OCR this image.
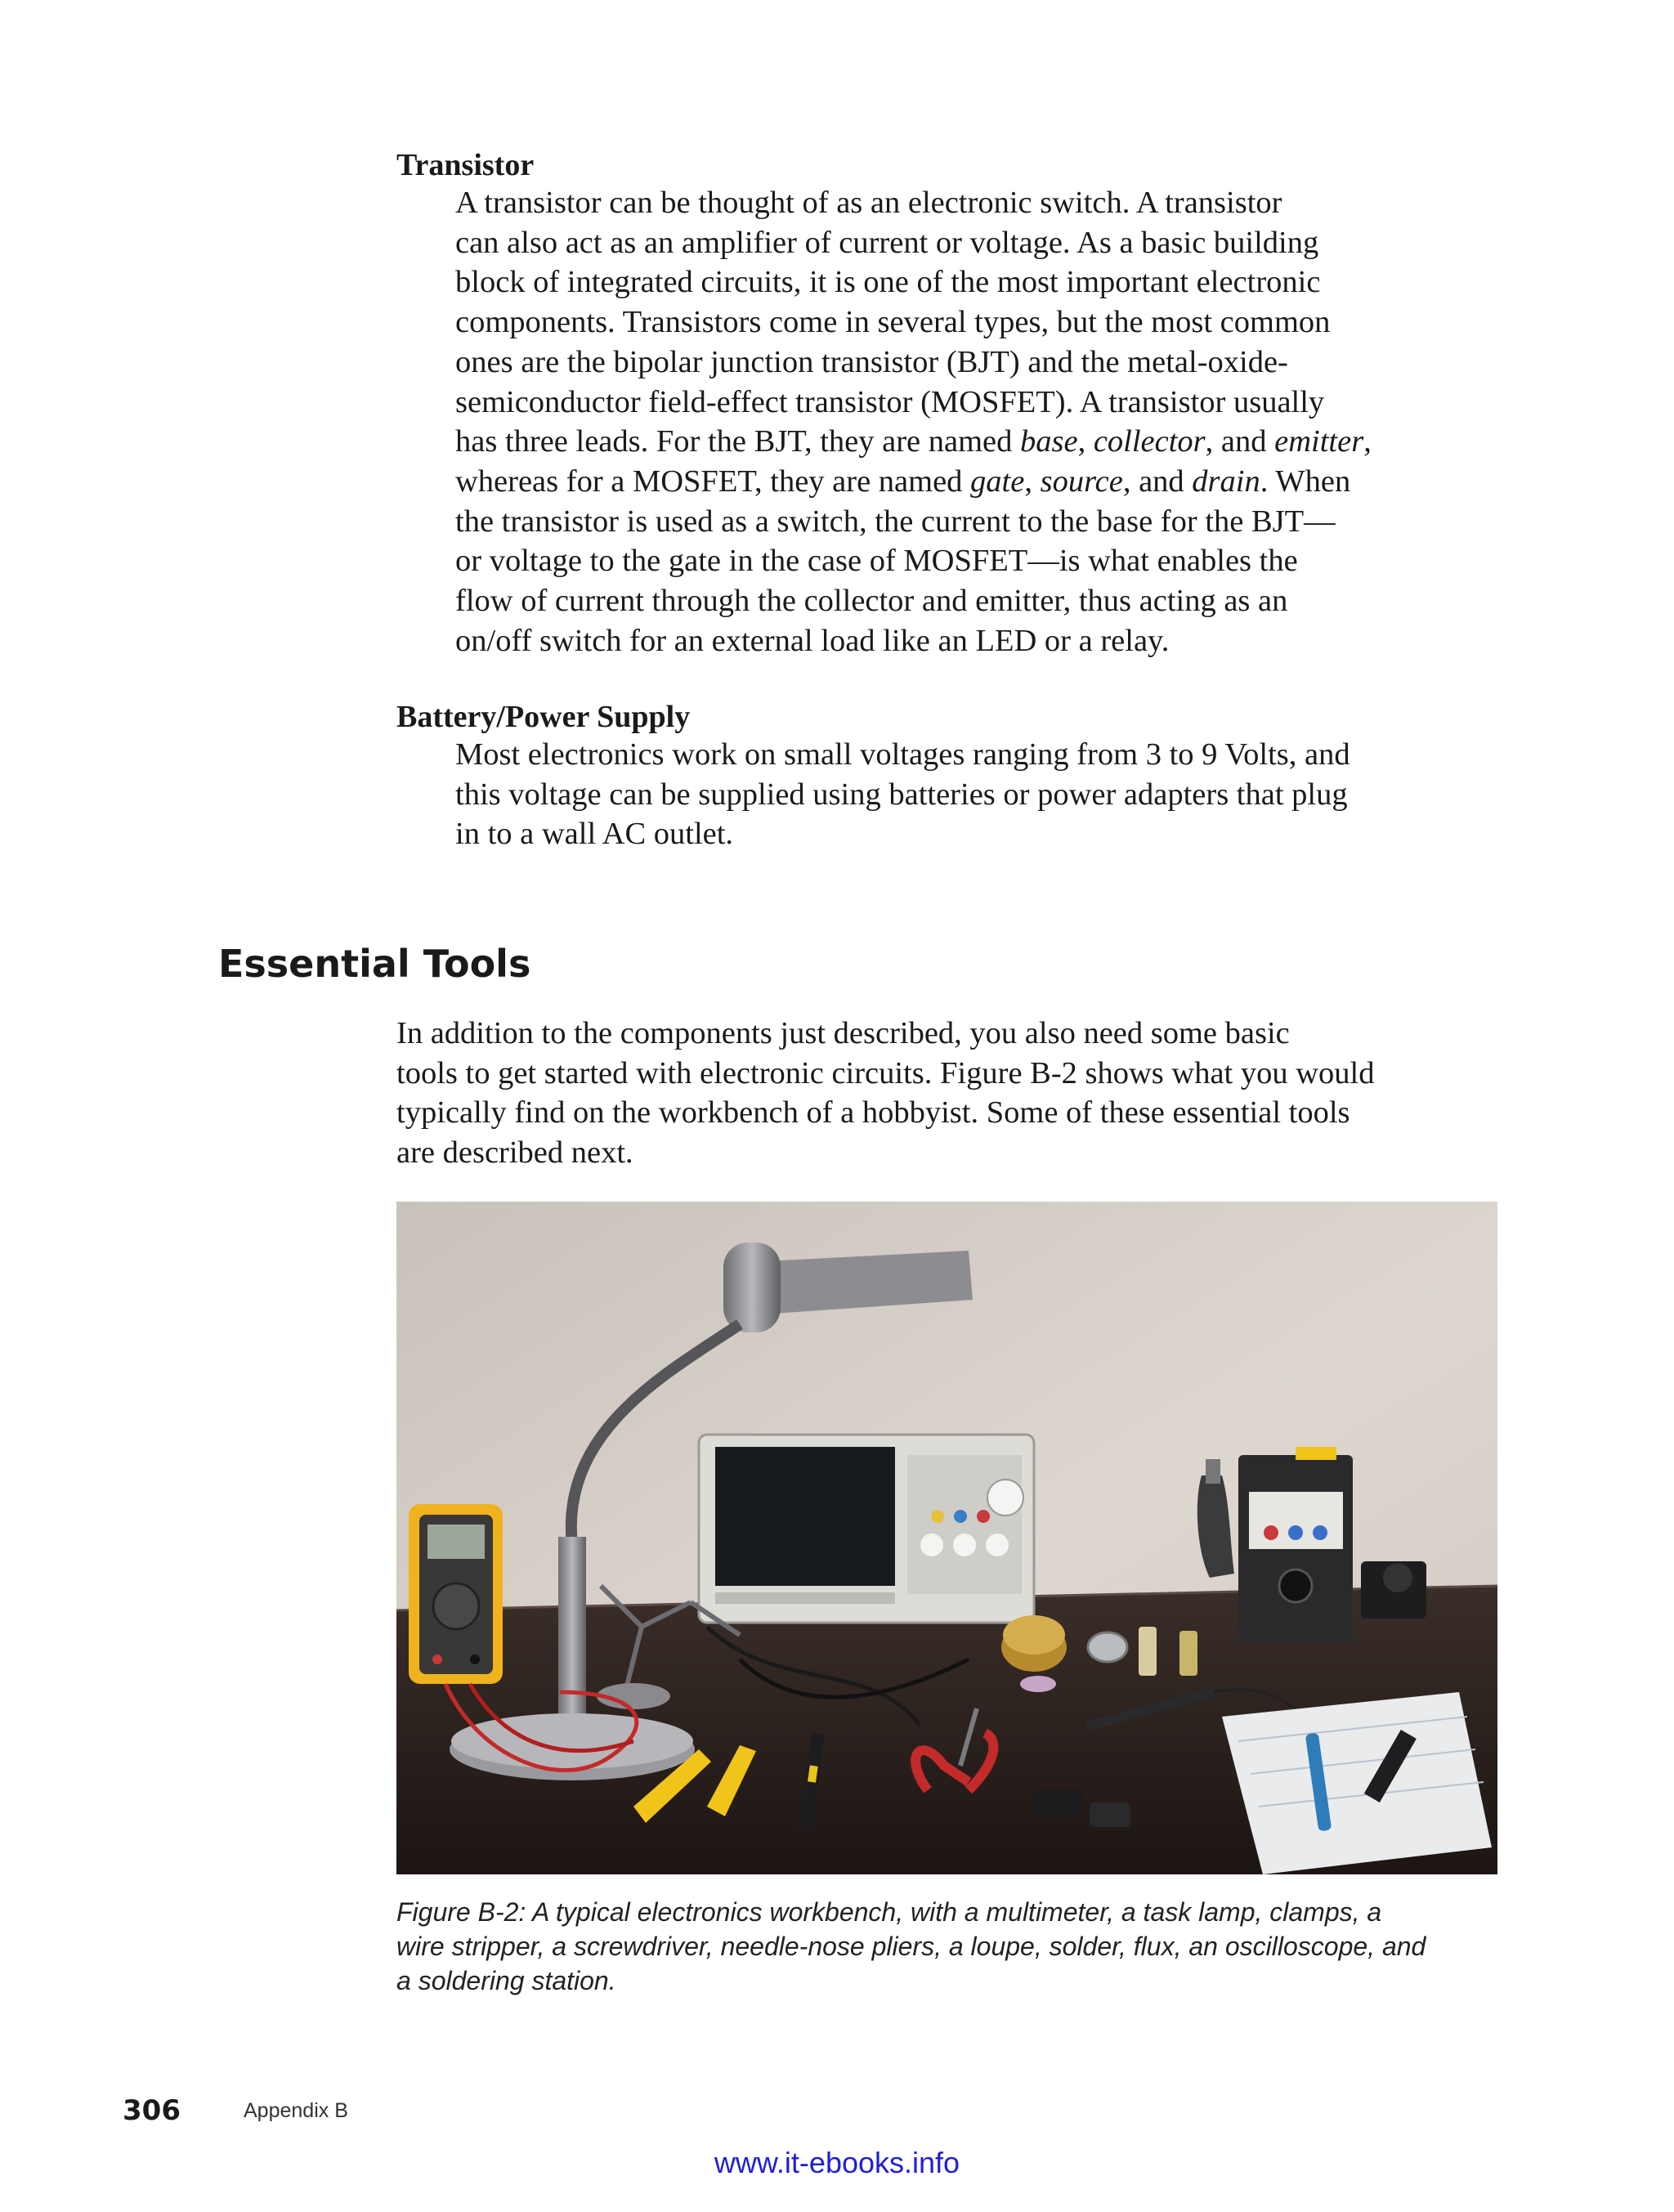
Transistor

A transistor can be thought of as an electronic switch. A transistor

can also act as an amplifier of current or voltage. As a basic building

block of integrated circuits, it is one of the most important electronic

components. Transistors come in several types, but the most common

ones are the bipolar junction transistor (BJT) and the metal-oxide-

semiconductor field-effect transistor (MOSFET). A transistor usually

has three leads. For the BJT, they are named base, collector, and emitter,

whereas for a MOSFET, they are named gate, source, and drain. When

the transistor is used as a switch, the current to the base for the BJT—

or voltage to the gate in the case of MOSFET—is what enables the

flow of current through the collector and emitter, thus acting as an

on/off switch for an external load like an LED or a relay.

Battery/Power Supply

Most electronics work on small voltages ranging from 3 to 9 Volts, and

this voltage can be supplied using batteries or power adapters that plug

in to a wall AC outlet.

Essential Tools

In addition to the components just described, you also need some basic

tools to get started with electronic circuits. Figure B-2 shows what you would

typically find on the workbench of a hobbyist. Some of these essential tools

are described next.

Figure B-2: A typical electronics workbench, with a multimeter, a task lamp, clamps, a

wire stripper, a screwdriver, needle-nose pliers, a loupe, solder, flux, an oscilloscope, and

a soldering station.

306	Appendix B
www.it-ebooks.info
